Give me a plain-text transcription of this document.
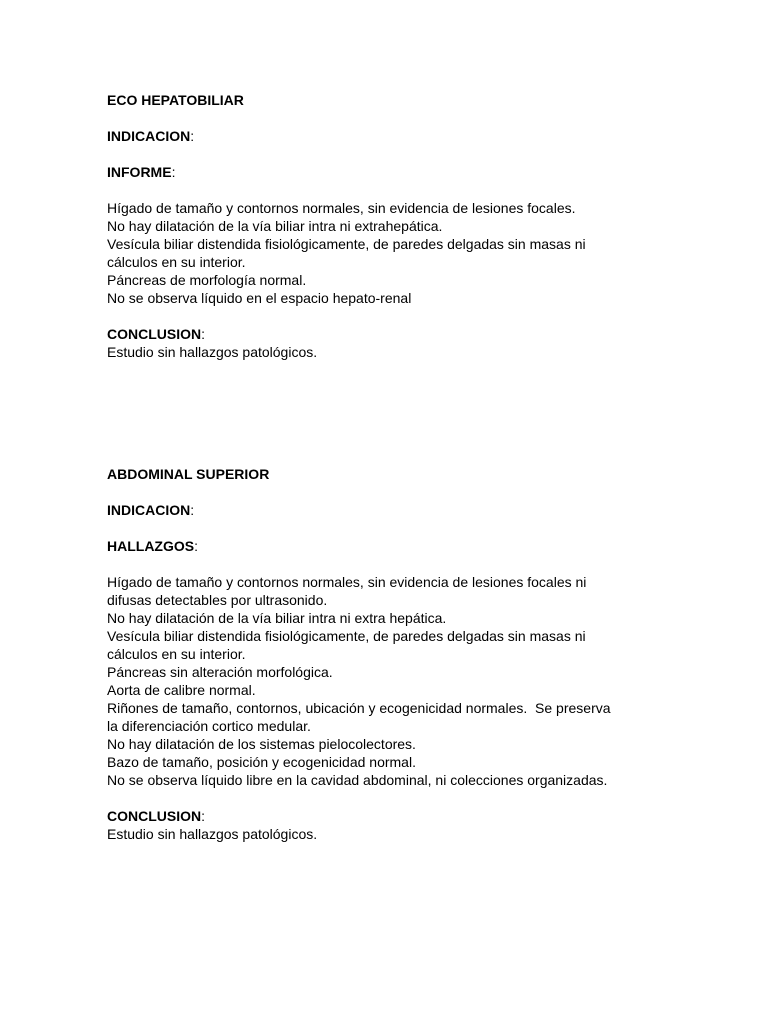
ECO HEPATOBILIAR

INDICACION:

INFORME:

Hígado de tamaño y contornos normales, sin evidencia de lesiones focales.
No hay dilatación de la vía biliar intra ni extrahepática.
Vesícula biliar distendida fisiológicamente, de paredes delgadas sin masas ni
cálculos en su interior.
Páncreas de morfología normal.
No se observa líquido en el espacio hepato-renal

CONCLUSION:

Estudio sin hallazgos patológicos.

ABDOMINAL SUPERIOR

INDICACION:

HALLAZGOS:

Hígado de tamaño y contornos normales, sin evidencia de lesiones focales ni
difusas detectables por ultrasonido.
No hay dilatación de la vía biliar intra ni extra hepática.
Vesícula biliar distendida fisiológicamente, de paredes delgadas sin masas ni
cálculos en su interior.
Páncreas sin alteración morfológica.
Aorta de calibre normal.
Riñones de tamaño, contornos, ubicación y ecogenicidad normales.  Se preserva
la diferenciación cortico medular.
No hay dilatación de los sistemas pielocolectores.
Bazo de tamaño, posición y ecogenicidad normal.
No se observa líquido libre en la cavidad abdominal, ni colecciones organizadas.

CONCLUSION:

Estudio sin hallazgos patológicos.
